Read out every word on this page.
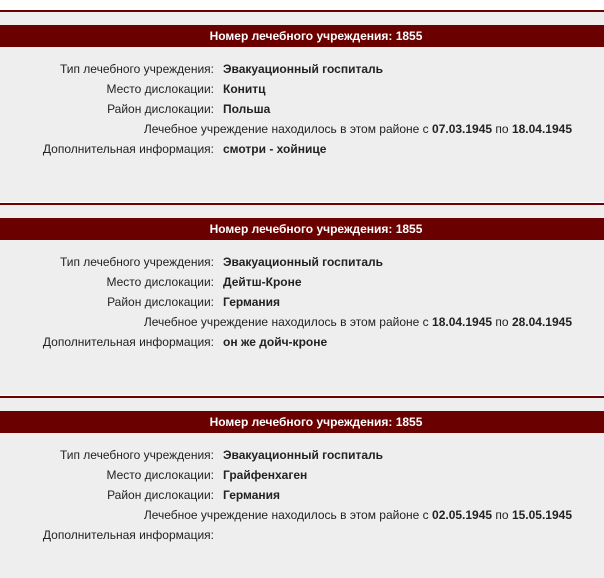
Номер лечебного учреждения: 1855
Тип лечебного учреждения: Эвакуационный госпиталь
Место дислокации: Конитц
Район дислокации: Польша
Лечебное учреждение находилось в этом районе с 07.03.1945 по 18.04.1945
Дополнительная информация: смотри - хойнице
Номер лечебного учреждения: 1855
Тип лечебного учреждения: Эвакуационный госпиталь
Место дислокации: Дейтш-Кроне
Район дислокации: Германия
Лечебное учреждение находилось в этом районе с 18.04.1945 по 28.04.1945
Дополнительная информация: он же дойч-кроне
Номер лечебного учреждения: 1855
Тип лечебного учреждения: Эвакуационный госпиталь
Место дислокации: Грайфенхаген
Район дислокации: Германия
Лечебное учреждение находилось в этом районе с 02.05.1945 по 15.05.1945
Дополнительная информация:
